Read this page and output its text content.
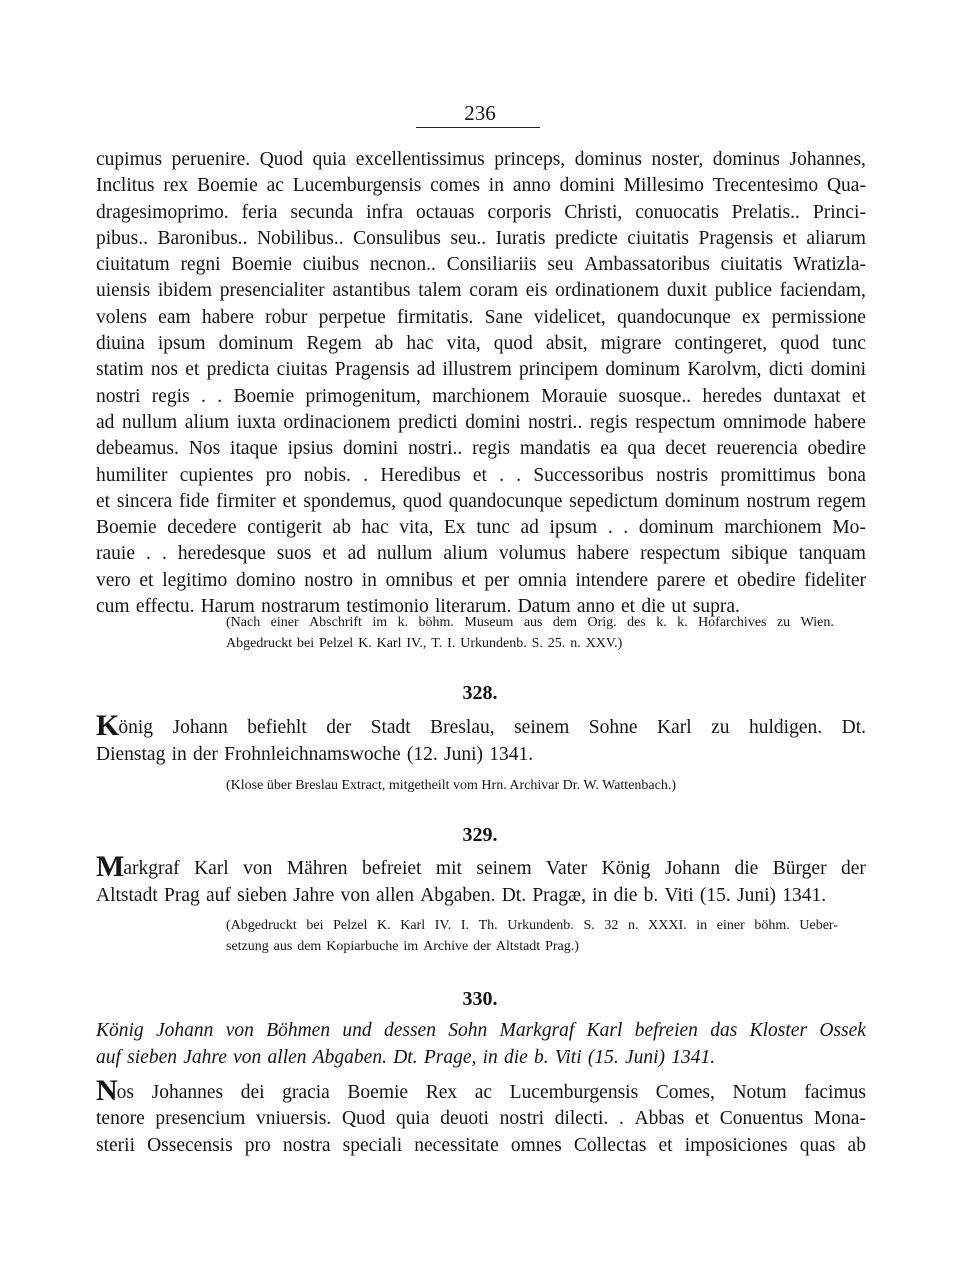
236
cupimus peruenire. Quod quia excellentissimus princeps, dominus noster, dominus Johannes,
Inclitus rex Boemie ac Lucemburgensis comes in anno domini Millesimo Trecentesimo Qua-
dragesimoprimo. feria secunda infra octauas corporis Christi, conuocatis Prelatis.. Princi-
pibus.. Baronibus.. Nobilibus.. Consulibus seu.. Iuratis predicte ciuitatis Pragensis et aliarum
ciuitatum regni Boemie ciuibus necnon.. Consiliariis seu Ambassatoribus ciuitatis Wratizla-
uiensis ibidem presencialiter astantibus talem coram eis ordinationem duxit publice faciendam,
volens eam habere robur perpetue firmitatis. Sane videlicet, quandocunque ex permissione
diuina ipsum dominum Regem ab hac vita, quod absit, migrare contingeret, quod tunc
statim nos et predicta ciuitas Pragensis ad illustrem principem dominum Karolvm, dicti domini
nostri regis . . Boemie primogenitum, marchionem Morauie suosque.. heredes duntaxat et
ad nullum alium iuxta ordinacionem predicti domini nostri.. regis respectum omnimode habere
debeamus. Nos itaque ipsius domini nostri.. regis mandatis ea qua decet reuerencia obedire
humiliter cupientes pro nobis. . Heredibus et . . Successoribus nostris promittimus bona
et sincera fide firmiter et spondemus, quod quandocunque sepedictum dominum nostrum regem
Boemie decedere contigerit ab hac vita, Ex tunc ad ipsum . . dominum marchionem Mo-
rauie . . heredesque suos et ad nullum alium volumus habere respectum sibique tanquam
vero et legitimo domino nostro in omnibus et per omnia intendere parere et obedire fideliter
cum effectu. Harum nostrarum testimonio literarum. Datum anno et die ut supra.
(Nach einer Abschrift im k. böhm. Museum aus dem Orig. des k. k. Hofarchives zu Wien.
Abgedruckt bei Pelzel K. Karl IV., T. I. Urkundenb. S. 25. n. XXV.)
328.
König Johann befiehlt der Stadt Breslau, seinem Sohne Karl zu huldigen. Dt.
Dienstag in der Frohnleichnamswoche (12. Juni) 1341.
(Klose über Breslau Extract, mitgetheilt vom Hrn. Archivar Dr. W. Wattenbach.)
329.
Markgraf Karl von Mähren befreiet mit seinem Vater König Johann die Bürger der
Altstadt Prag auf sieben Jahre von allen Abgaben. Dt. Pragæ, in die b. Viti (15. Juni) 1341.
(Abgedruckt bei Pelzel K. Karl IV. I. Th. Urkundenb. S. 32 n. XXXI. in einer böhm. Ueber-
setzung aus dem Kopiarbuche im Archive der Altstadt Prag.)
330.
König Johann von Böhmen und dessen Sohn Markgraf Karl befreien das Kloster Ossek
auf sieben Jahre von allen Abgaben. Dt. Prage, in die b. Viti (15. Juni) 1341.
Nos Johannes dei gracia Boemie Rex ac Lucemburgensis Comes, Notum facimus
tenore presencium vniuersis. Quod quia deuoti nostri dilecti. . Abbas et Conuentus Mona-
sterii Ossecensis pro nostra speciali necessitate omnes Collectas et imposiciones quas ab
